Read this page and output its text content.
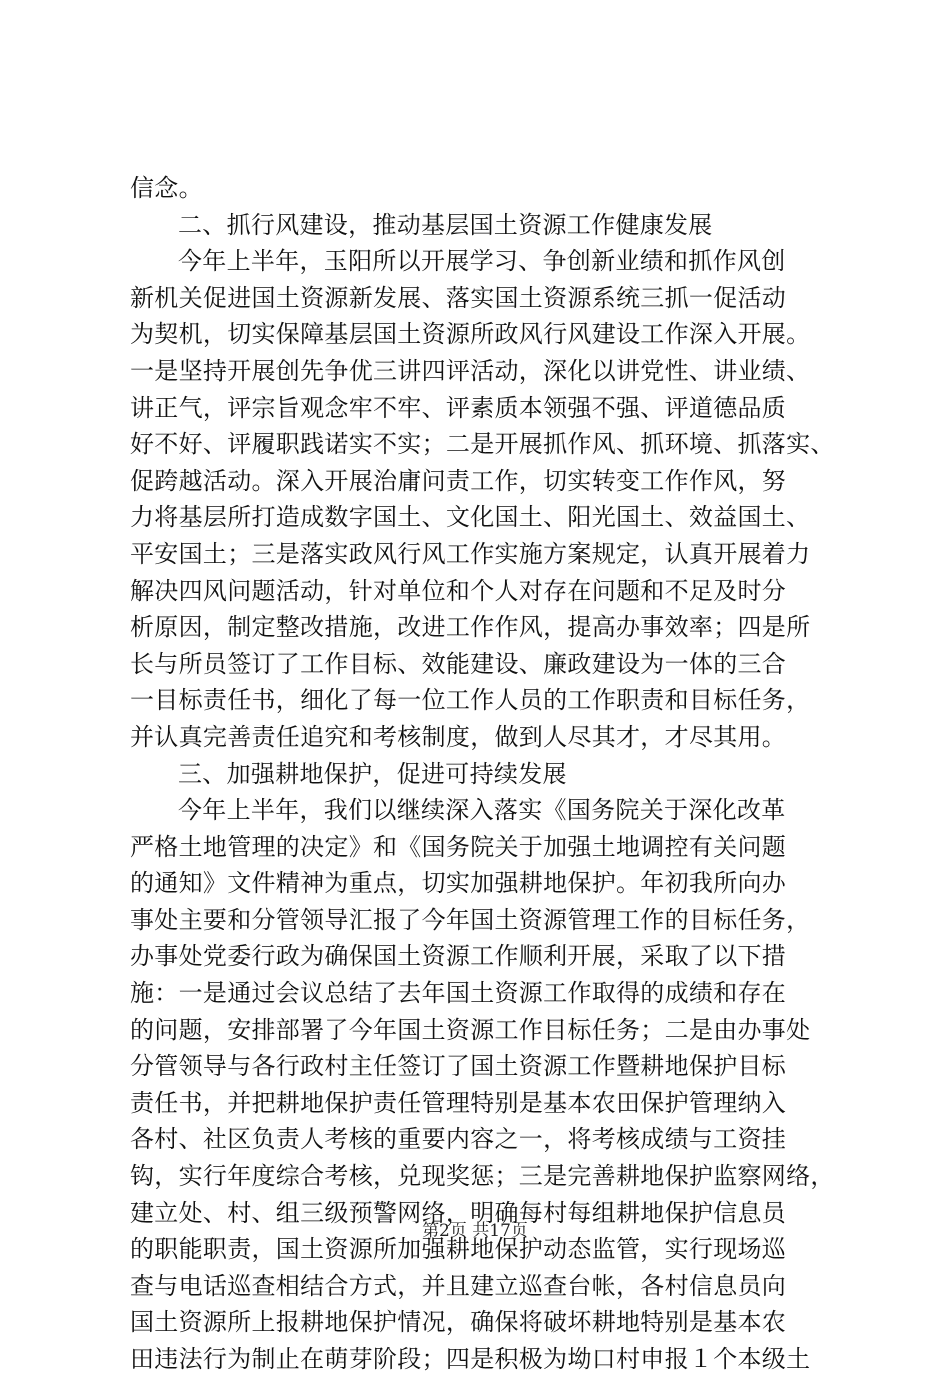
信念。
二、抓行风建设，推动基层国土资源工作健康发展
今年上半年，玉阳所以开展学习、争创新业绩和抓作风创
新机关促进国土资源新发展、落实国土资源系统三抓一促活动
为契机，切实保障基层国土资源所政风行风建设工作深入开展。
一是坚持开展创先争优三讲四评活动，深化以讲党性、讲业绩、
讲正气，评宗旨观念牢不牢、评素质本领强不强、评道德品质
好不好、评履职践诺实不实；二是开展抓作风、抓环境、抓落实、
促跨越活动。深入开展治庸问责工作，切实转变工作作风，努
力将基层所打造成数字国土、文化国土、阳光国土、效益国土、
平安国土；三是落实政风行风工作实施方案规定，认真开展着力
解决四风问题活动，针对单位和个人对存在问题和不足及时分
析原因，制定整改措施，改进工作作风，提高办事效率；四是所
长与所员签订了工作目标、效能建设、廉政建设为一体的三合
一目标责任书，细化了每一位工作人员的工作职责和目标任务，
并认真完善责任追究和考核制度，做到人尽其才，才尽其用。
三、加强耕地保护，促进可持续发展
今年上半年，我们以继续深入落实《国务院关于深化改革
严格土地管理的决定》和《国务院关于加强土地调控有关问题
的通知》文件精神为重点，切实加强耕地保护。年初我所向办
事处主要和分管领导汇报了今年国土资源管理工作的目标任务，
办事处党委行政为确保国土资源工作顺利开展，采取了以下措
施：一是通过会议总结了去年国土资源工作取得的成绩和存在
的问题，安排部署了今年国土资源工作目标任务；二是由办事处
分管领导与各行政村主任签订了国土资源工作暨耕地保护目标
责任书，并把耕地保护责任管理特别是基本农田保护管理纳入
各村、社区负责人考核的重要内容之一，将考核成绩与工资挂
钩，实行年度综合考核，兑现奖惩；三是完善耕地保护监察网络，
建立处、村、组三级预警网络，明确每村每组耕地保护信息员
的职能职责，国土资源所加强耕地保护动态监管，实行现场巡
查与电话巡查相结合方式，并且建立巡查台帐，各村信息员向
国土资源所上报耕地保护情况，确保将破坏耕地特别是基本农
田违法行为制止在萌芽阶段；四是积极为坳口村申报１个本级土
第2页 共17页
